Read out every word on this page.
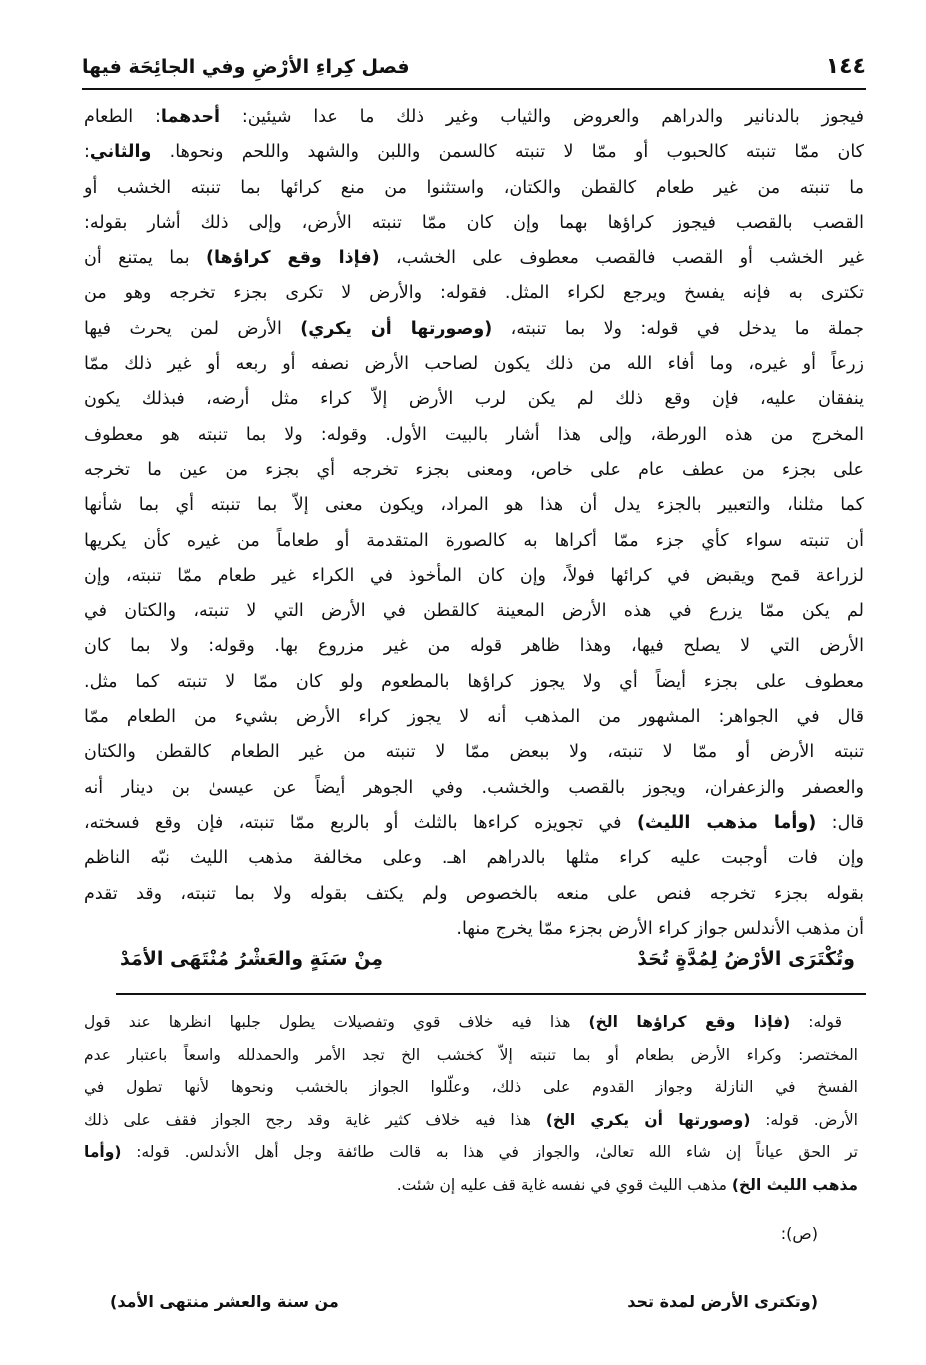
١٤٤
فصل كِراءِ الأرْضِ وفي الجائِحَة فيها
فيجوز بالدنانير والدراهم والعروض والثياب وغير ذلك ما عدا شيئين: أحدهما: الطعام
كان ممّا تنبته كالحبوب أو ممّا لا تنبته كالسمن واللبن والشهد واللحم ونحوها. والثاني:
ما تنبته من غير طعام كالقطن والكتان، واستثنوا من منع كرائها بما تنبته الخشب أو
القصب بالقصب فيجوز كراؤها بهما وإن كان ممّا تنبته الأرض، وإلى ذلك أشار بقوله:
غير الخشب أو القصب فالقصب معطوف على الخشب، (فإذا وقع كراؤها) بما يمتنع أن
تكترى به فإنه يفسخ ويرجع لكراء المثل. فقوله: والأرض لا تكرى بجزء تخرجه وهو من
جملة ما يدخل في قوله: ولا بما تنبته، (وصورتها أن يكري) الأرض لمن يحرث فيها
زرعاً أو غيره، وما أفاء الله من ذلك يكون لصاحب الأرض نصفه أو ربعه أو غير ذلك ممّا
ينفقان عليه، فإن وقع ذلك لم يكن لرب الأرض إلاّ كراء مثل أرضه، فبذلك يكون
المخرج من هذه الورطة، وإلى هذا أشار بالبيت الأول. وقوله: ولا بما تنبته هو معطوف
على بجزء من عطف عام على خاص، ومعنى بجزء تخرجه أي بجزء من عين ما تخرجه
كما مثلنا، والتعبير بالجزء يدل أن هذا هو المراد، ويكون معنى إلاّ بما تنبته أي بما شأنها
أن تنبته سواء كأي جزء ممّا أكراها به كالصورة المتقدمة أو طعاماً من غيره كأن يكريها
لزراعة قمح ويقبض في كرائها فولاً، وإن كان المأخوذ في الكراء غير طعام ممّا تنبته، وإن
لم يكن ممّا يزرع في هذه الأرض المعينة كالقطن في الأرض التي لا تنبته، والكتان في
الأرض التي لا يصلح فيها، وهذا ظاهر قوله من غير مزروع بها. وقوله: ولا بما كان
معطوف على بجزء أيضاً أي ولا يجوز كراؤها بالمطعوم ولو كان ممّا لا تنبته كما مثل.
قال في الجواهر: المشهور من المذهب أنه لا يجوز كراء الأرض بشيء من الطعام ممّا
تنبته الأرض أو ممّا لا تنبته، ولا ببعض ممّا لا تنبته من غير الطعام كالقطن والكتان
والعصفر والزعفران، ويجوز بالقصب والخشب. وفي الجوهر أيضاً عن عيسىٰ بن دينار أنه
قال: (وأما مذهب الليث) في تجويزه كراءها بالثلث أو بالربع ممّا تنبته، فإن وقع فسخته،
وإن فات أوجبت عليه كراء مثلها بالدراهم اهـ. وعلى مخالفة مذهب الليث نبّه الناظم
بقوله بجزء تخرجه فنص على منعه بالخصوص ولم يكتف بقوله ولا بما تنبته، وقد تقدم
أن مذهب الأندلس جواز كراء الأرض بجزء ممّا يخرج منها.
وتُكْتَرَى الأرْضُ لِمُدَّةٍ تُحَدْ
مِنْ سَنَةٍ والعَشْرُ مُنْتَهَى الأمَدْ
قوله: (فإذا وقع كراؤها الخ) هذا فيه خلاف قوي وتفصيلات يطول جلبها انظرها عند قول
المختصر: وكراء الأرض بطعام أو بما تنبته إلاّ كخشب الخ تجد الأمر والحمدلله واسعاً باعتبار عدم
الفسخ في النازلة وجواز القدوم على ذلك، وعلّلوا الجواز بالخشب ونحوها لأنها تطول في
الأرض. قوله: (وصورتها أن يكري الخ) هذا فيه خلاف كثير غاية وقد رجح الجواز فقف على ذلك
تر الحق عياناً إن شاء الله تعالىٰ، والجواز في هذا به قالت طائفة وجل أهل الأندلس. قوله: (وأما
مذهب الليث الخ) مذهب الليث قوي في نفسه غاية قف عليه إن شئت.
(ص):
(وتكترى الأرض لمدة تحد
من سنة والعشر منتهى الأمد)
